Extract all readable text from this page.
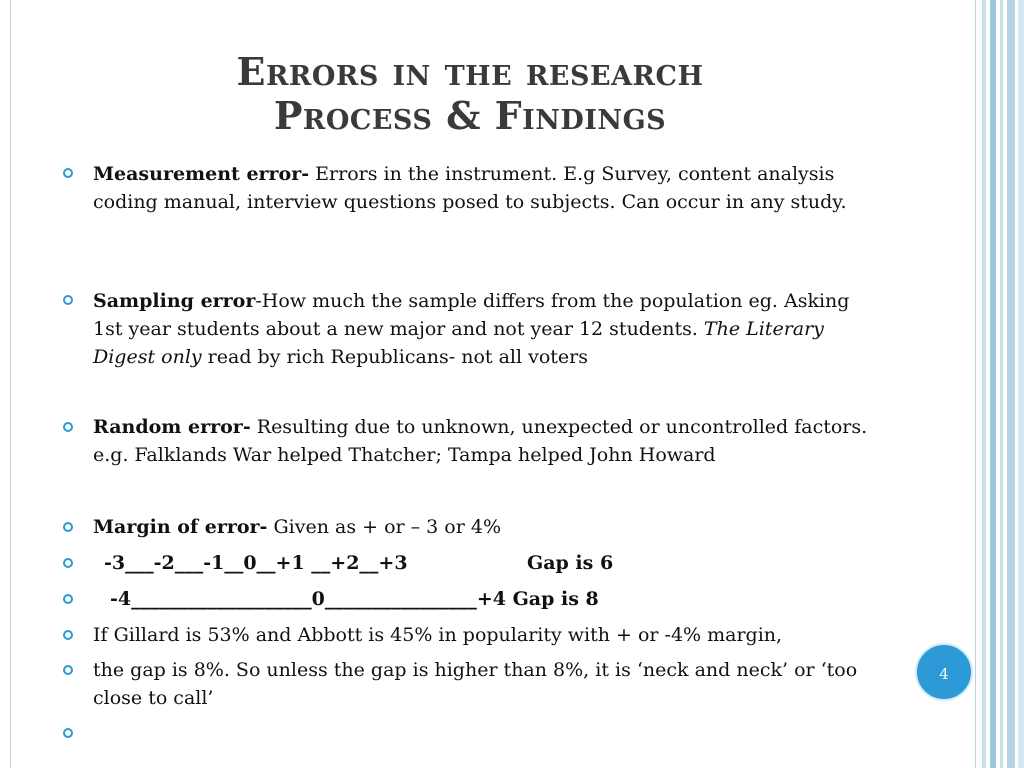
Errors in the research
Process & Findings
Measurement error- Errors in the instrument. E.g Survey, content analysis coding manual, interview questions posed to subjects. Can occur in any study.
Sampling error-How much the sample differs from the population eg. Asking 1st year students about a new major and not year 12 students. The Literary Digest only read by rich Republicans- not all voters
Random error- Resulting due to unknown, unexpected or uncontrolled factors. e.g. Falklands War helped Thatcher; Tampa helped John Howard
Margin of error- Given as + or – 3 or 4%
-3___-2___-1__0__+1 __+2__+3	Gap is 6
-4___________________0________________+4 Gap is 8
If Gillard is 53% and Abbott is 45% in popularity with + or -4% margin,
the gap is 8%. So unless the gap is higher than 8%, it is ‘neck and neck’ or ‘too close to call’
4
